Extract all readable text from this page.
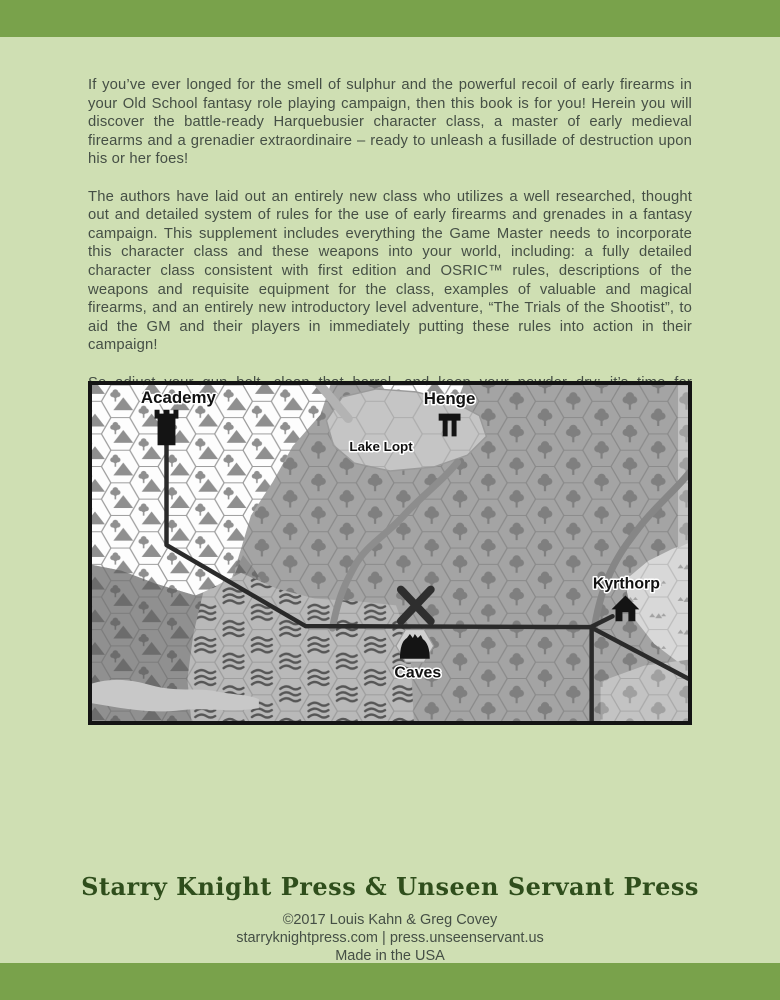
If you’ve ever longed for the smell of sulphur and the powerful recoil of early firearms in your Old School fantasy role playing campaign, then this book is for you! Herein you will discover the battle-ready Harquebusier character class, a master of early medieval firearms and a grenadier extraordinaire – ready to unleash a fusillade of destruction upon his or her foes!

The authors have laid out an entirely new class who utilizes a well researched, thought out and detailed system of rules for the use of early firearms and grenades in a fantasy campaign. This supplement includes everything the Game Master needs to incorporate this character class and these weapons into your world, including: a fully detailed character class consistent with first edition and OSRIC™ rules, descriptions of the weapons and requisite equipment for the class, examples of valuable and magical firearms, and an entirely new introductory level adventure, “The Trials of the Shootist”, to aid the GM and their players in immediately putting these rules into action in their campaign!

Academy	Henge
Lake Lopt
Kyrthorp
Caves
Starry Knight Press & Unseen Servant Press
©2017 Louis Kahn & Greg Covey
starryknightpress.com | press.unseenservant.us
Made in the USA
